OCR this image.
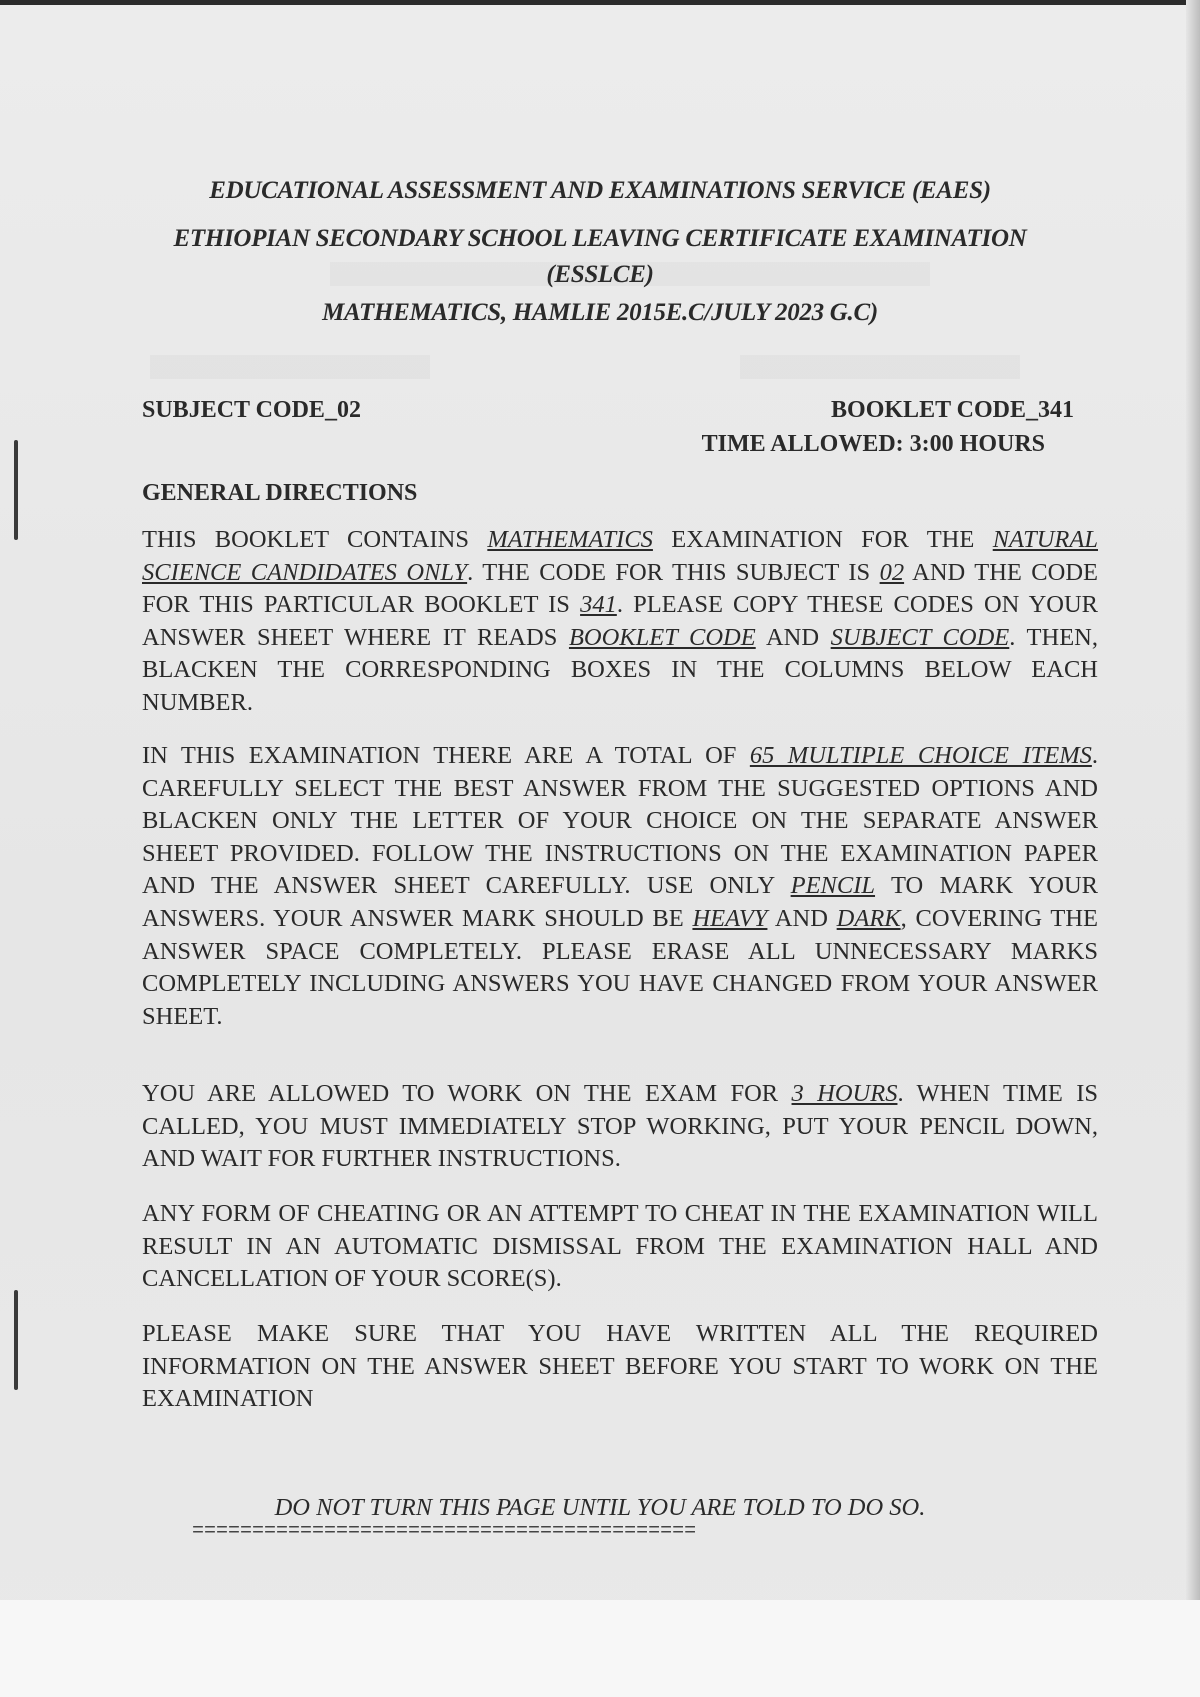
EDUCATIONAL ASSESSMENT AND EXAMINATIONS SERVICE (EAES)
ETHIOPIAN SECONDARY SCHOOL LEAVING CERTIFICATE EXAMINATION
(ESSLCE)
MATHEMATICS, HAMLIE 2015E.C/JULY 2023 G.C)
SUBJECT CODE_02	BOOKLET CODE_341
TIME ALLOWED: 3:00 HOURS
GENERAL DIRECTIONS
THIS BOOKLET CONTAINS MATHEMATICS EXAMINATION FOR THE NATURAL SCIENCE CANDIDATES ONLY. THE CODE FOR THIS SUBJECT IS 02 AND THE CODE FOR THIS PARTICULAR BOOKLET IS 341. PLEASE COPY THESE CODES ON YOUR ANSWER SHEET WHERE IT READS BOOKLET CODE AND SUBJECT CODE. THEN, BLACKEN THE CORRESPONDING BOXES IN THE COLUMNS BELOW EACH NUMBER.
IN THIS EXAMINATION THERE ARE A TOTAL OF 65 MULTIPLE CHOICE ITEMS. CAREFULLY SELECT THE BEST ANSWER FROM THE SUGGESTED OPTIONS AND BLACKEN ONLY THE LETTER OF YOUR CHOICE ON THE SEPARATE ANSWER SHEET PROVIDED. FOLLOW THE INSTRUCTIONS ON THE EXAMINATION PAPER AND THE ANSWER SHEET CAREFULLY. USE ONLY PENCIL TO MARK YOUR ANSWERS. YOUR ANSWER MARK SHOULD BE HEAVY AND DARK, COVERING THE ANSWER SPACE COMPLETELY. PLEASE ERASE ALL UNNECESSARY MARKS COMPLETELY INCLUDING ANSWERS YOU HAVE CHANGED FROM YOUR ANSWER SHEET.
YOU ARE ALLOWED TO WORK ON THE EXAM FOR 3 HOURS. WHEN TIME IS CALLED, YOU MUST IMMEDIATELY STOP WORKING, PUT YOUR PENCIL DOWN, AND WAIT FOR FURTHER INSTRUCTIONS.
ANY FORM OF CHEATING OR AN ATTEMPT TO CHEAT IN THE EXAMINATION WILL RESULT IN AN AUTOMATIC DISMISSAL FROM THE EXAMINATION HALL AND CANCELLATION OF YOUR SCORE(S).
PLEASE MAKE SURE THAT YOU HAVE WRITTEN ALL THE REQUIRED INFORMATION ON THE ANSWER SHEET BEFORE YOU START TO WORK ON THE EXAMINATION
DO NOT TURN THIS PAGE UNTIL YOU ARE TOLD TO DO SO.
==========================================
